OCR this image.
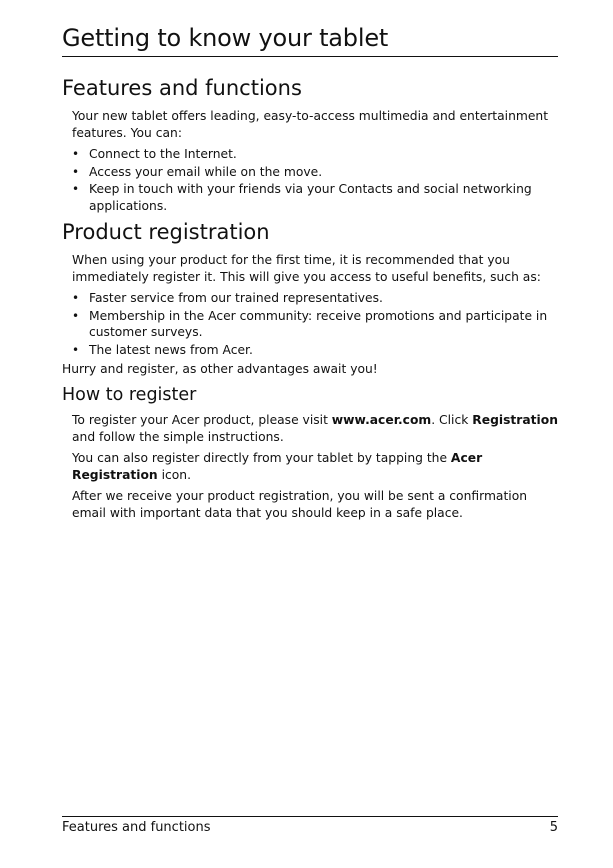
Getting to know your tablet
Features and functions

Your new tablet offers leading, easy-to-access multimedia and entertainment features. You can:

• Connect to the Internet.
• Access your email while on the move.
• Keep in touch with your friends via your Contacts and social networking applications.
Product registration

When using your product for the first time, it is recommended that you immediately register it. This will give you access to useful benefits, such as:

• Faster service from our trained representatives.
• Membership in the Acer community: receive promotions and participate in customer surveys.
• The latest news from Acer.

Hurry and register, as other advantages await you!

How to register

To register your Acer product, please visit www.acer.com. Click Registration and follow the simple instructions.

You can also register directly from your tablet by tapping the Acer Registration icon.

After we receive your product registration, you will be sent a confirmation email with important data that you should keep in a safe place.

Features and functions	5
